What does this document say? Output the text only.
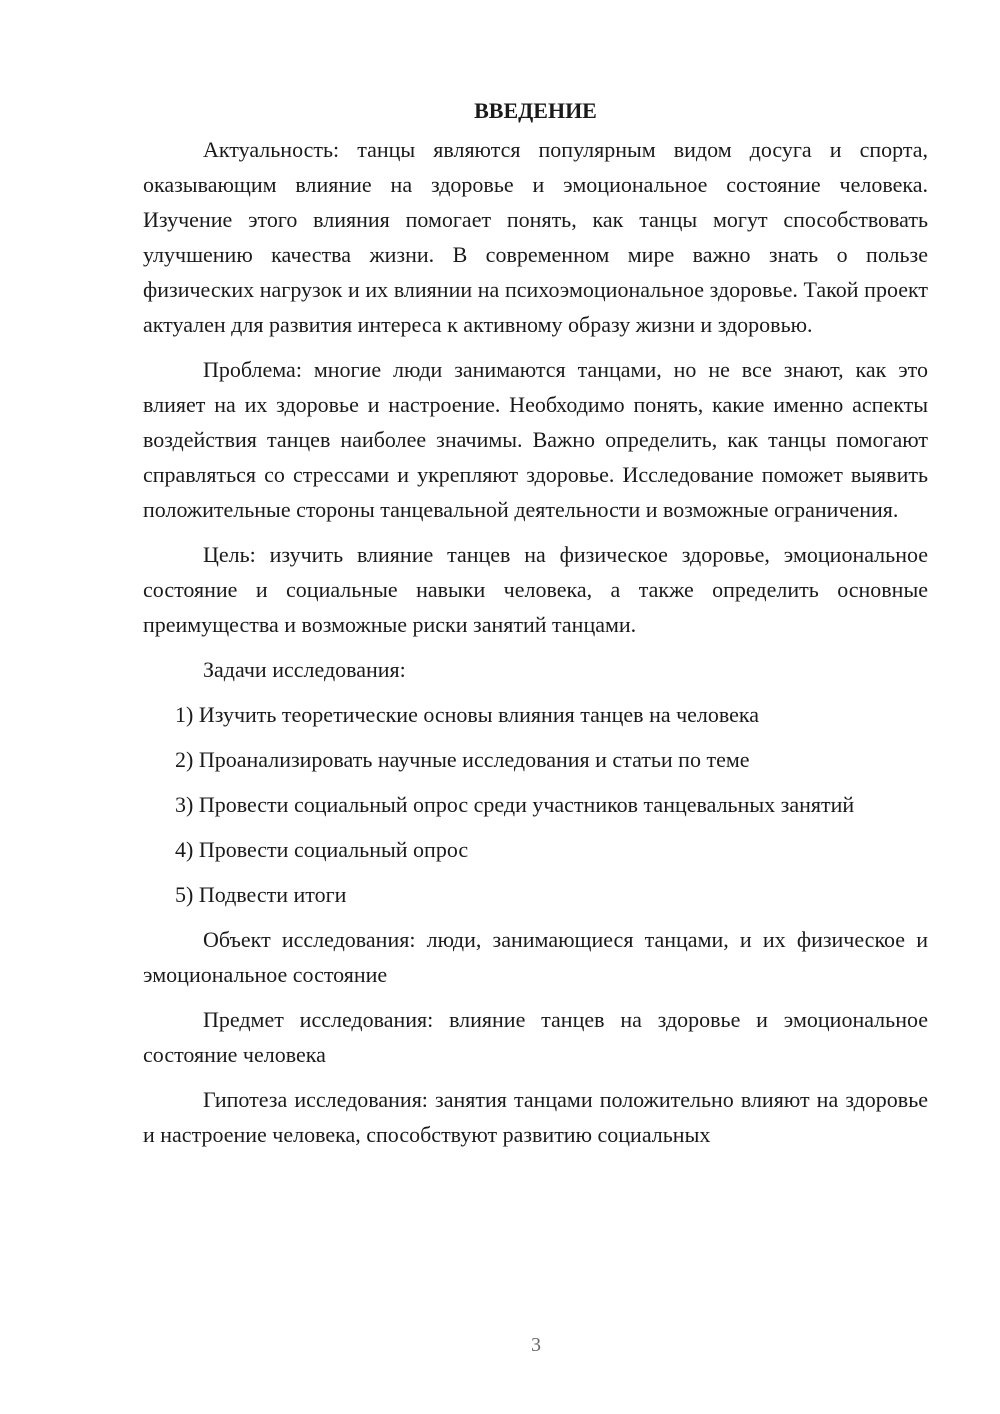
ВВЕДЕНИЕ

Актуальность: танцы являются популярным видом досуга и спорта, оказывающим влияние на здоровье и эмоциональное состояние человека. Изучение этого влияния помогает понять, как танцы могут способствовать улучшению качества жизни. В современном мире важно знать о пользе физических нагрузок и их влиянии на психоэмоциональное здоровье. Такой проект актуален для развития интереса к активному образу жизни и здоровью.

Проблема: многие люди занимаются танцами, но не все знают, как это влияет на их здоровье и настроение. Необходимо понять, какие именно аспекты воздействия танцев наиболее значимы. Важно определить, как танцы помогают справляться со стрессами и укрепляют здоровье. Исследование поможет выявить положительные стороны танцевальной деятельности и возможные ограничения.

Цель: изучить влияние танцев на физическое здоровье, эмоциональное состояние и социальные навыки человека, а также определить основные преимущества и возможные риски занятий танцами.

Задачи исследования:

1) Изучить теоретические основы влияния танцев на человека

2) Проанализировать научные исследования и статьи по теме

3) Провести социальный опрос среди участников танцевальных занятий

4) Провести социальный опрос

5) Подвести итоги

Объект исследования: люди, занимающиеся танцами, и их физическое и эмоциональное состояние

Предмет исследования: влияние танцев на здоровье и эмоциональное состояние человека

Гипотеза исследования: занятия танцами положительно влияют на здоровье и настроение человека, способствуют развитию социальных

3
